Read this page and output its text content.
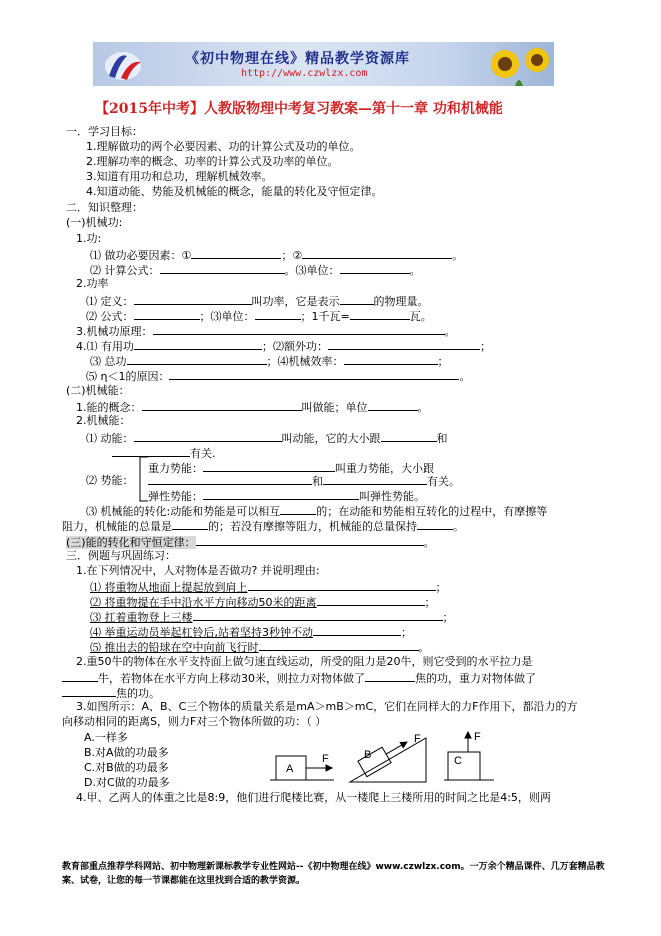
《初中物理在线》精品教学资源库
http://www.czwlzx.com
【2015年中考】人教版物理中考复习教案—第十一章 功和机械能
一．学习目标：
1.理解做功的两个必要因素、功的计算公式及功的单位。
2.理解功率的概念、功率的计算公式及功率的单位。
3.知道有用功和总功，理解机械效率。
4.知道动能、势能及机械能的概念，能量的转化及守恒定律。
二．知识整理：
(一)机械功:
1.功:
⑴ 做功必要因素：①	；②	。
⑵ 计算公式：	。⑶单位：	。
2.功率
⑴ 定义：	叫功率，它是表示	的物理量。
⑵ 公式：	；⑶单位：	；1千瓦=	瓦。
3.机械功原理：	。
4.⑴ 有用功	；⑵额外功：	；
⑶ 总功	；⑷机械效率：	；
⑸ η＜1的原因：	。
(二)机械能：
1.能的概念：	叫做能；单位	。
2.机械能：
⑴ 动能：	叫动能，它的大小跟	和
有关.
⑵ 势能：
重力势能：	叫重力势能，大小跟
和	有关。
弹性势能：	叫弹性势能。
⑶ 机械能的转化:动能和势能是可以相互	的；在动能和势能相互转化的过程中，有摩擦等
阻力，机械能的总量是	的；若没有摩擦等阻力，机械能的总量保持	。
(三)能的转化和守恒定律：	。
三．例题与巩固练习：
1.在下列情况中，人对物体是否做功? 并说明理由:
⑴ 将重物从地面上提起放到肩上	；
⑵ 将重物提在手中沿水平方向移动50米的距离	；
⑶ 扛着重物登上三楼	；
⑷ 举重运动员举起杠铃后,站着坚持3秒钟不动	；
⑸ 推出去的铅球在空中向前飞行时	。
2.重50牛的物体在水平支持面上做匀速直线运动，所受的阻力是20牛，则它受到的水平拉力是
牛，若物体在水平方向上移动30米，则拉力对物体做了	焦的功，重力对物体做了
焦的功。
3.如图所示：A、B、C三个物体的质量关系是mA＞mB＞mC，它们在同样大的力F作用下，都沿力的方
向移动相同的距离S，则力F对三个物体所做的功：（ ）
A.一样多
B.对A做的功最多
C.对B做的功最多
D.对C做的功最多
A
F	B
F
C
F
4.甲、乙两人的体重之比是8:9，他们进行爬楼比赛，从一楼爬上三楼所用的时间之比是4:5，则两
教育部重点推荐学科网站、初中物理新课标教学专业性网站--《初中物理在线》www.czwlzx.com。一万余个精品课件、几万套精品教案、试卷，让您的每一节课都能在这里找到合适的教学资源。
